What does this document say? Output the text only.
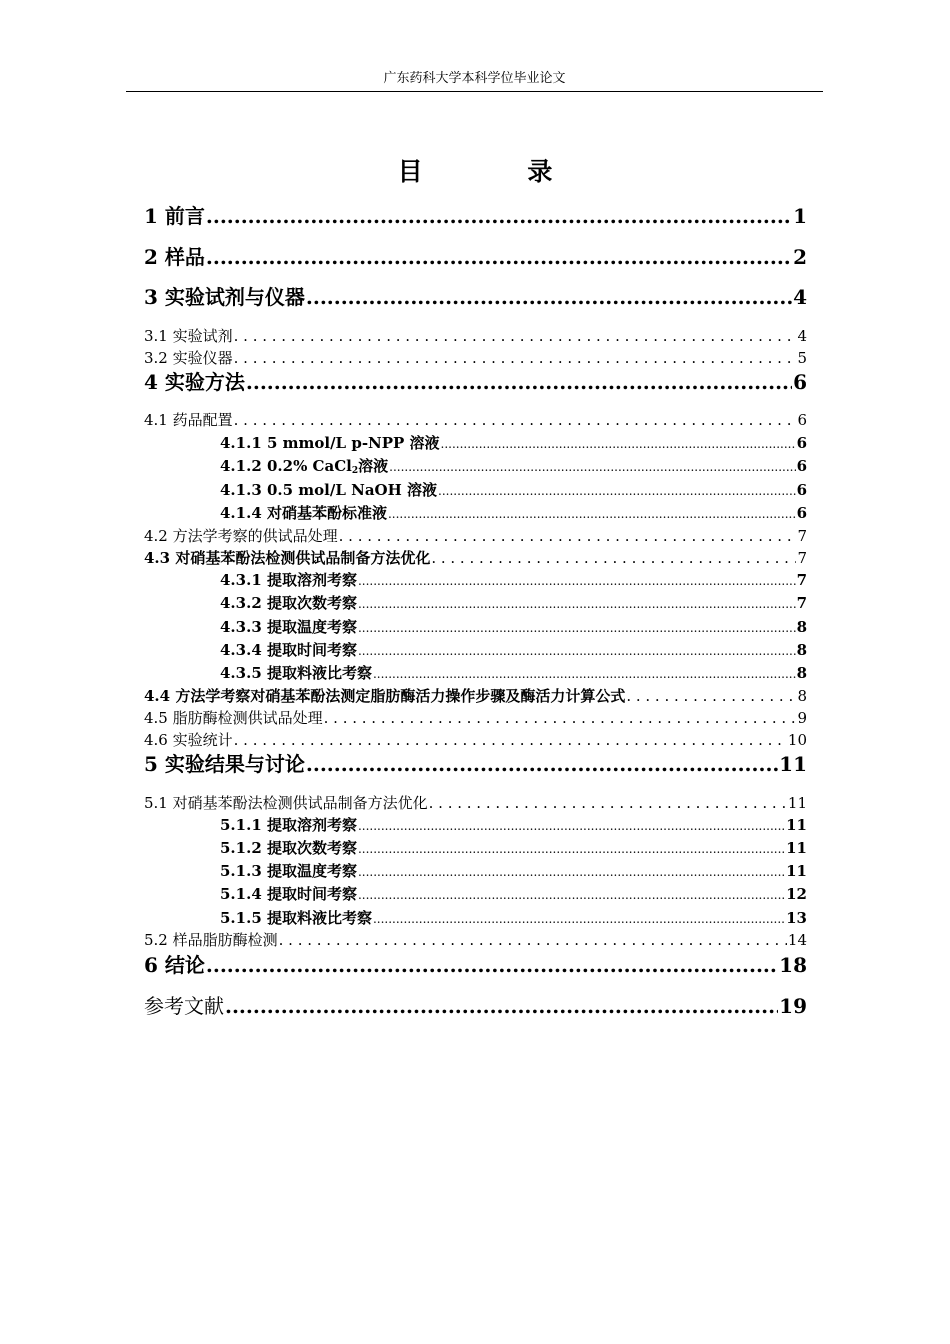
广东药科大学本科学位毕业论文
目 录
1 前言 .....	1
2 样品 .....	2
3 实验试剂与仪器 .....	4
3.1 实验试剂 . . .	4
3.2 实验仪器 . . .	5
4 实验方法 .....	6
4.1 药品配置 . . .	6
4.1.1 5 mmol/L p-NPP 溶液 .....	6
4.1.2 0.2% CaCl$_2$溶液 .....	6
4.1.3 0.5 mol/L NaOH 溶液 .....	6
4.1.4 对硝基苯酚标准液 .....	6
4.2 方法学考察的供试品处理 . . .	7
4.3 对硝基苯酚法检测供试品制备方法优化 . . .	7
4.3.1 提取溶剂考察 .....	7
4.3.2 提取次数考察 .....	7
4.3.3 提取温度考察 .....	8
4.3.4 提取时间考察 .....	8
4.3.5 提取料液比考察 .....	8
4.4 方法学考察对硝基苯酚法测定脂肪酶活力操作步骤及酶活力计算公式 . . .	8
4.5 脂肪酶检测供试品处理 . . .	9
4.6 实验统计 . . .	10
5 实验结果与讨论 .....	11
5.1 对硝基苯酚法检测供试品制备方法优化 . . .	11
5.1.1 提取溶剂考察 .....	11
5.1.2 提取次数考察 .....	11
5.1.3 提取温度考察 .....	11
5.1.4 提取时间考察 .....	12
5.1.5 提取料液比考察 .....	13
5.2 样品脂肪酶检测 . . .	14
6 结论 .....	18
参考文献 .....	19
